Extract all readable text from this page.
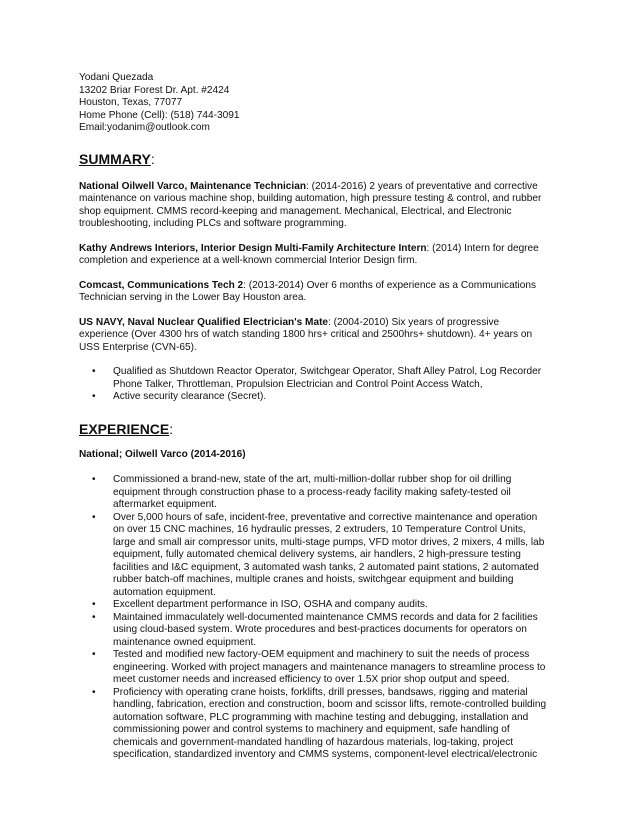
Yodani Quezada
13202 Briar Forest Dr. Apt. #2424
Houston, Texas, 77077
Home Phone (Cell): (518) 744-3091
Email:yodanim@outlook.com
SUMMARY :

National Oilwell Varco, Maintenance Technician: (2014-2016) 2 years of preventative and corrective maintenance on various machine shop, building automation, high pressure testing & control, and rubber shop equipment. CMMS record-keeping and management. Mechanical, Electrical, and Electronic troubleshooting, including PLCs and software programming.

Kathy Andrews Interiors, Interior Design Multi-Family Architecture Intern: (2014) Intern for degree completion and experience at a well-known commercial Interior Design firm.

Comcast, Communications Tech 2: (2013-2014) Over 6 months of experience as a Communications Technician serving in the Lower Bay Houston area.

US NAVY, Naval Nuclear Qualified Electrician's Mate: (2004-2010) Six years of progressive experience (Over 4300 hrs of watch standing 1800 hrs+ critical and 2500hrs+ shutdown). 4+ years on USS Enterprise (CVN-65).

• Qualified as Shutdown Reactor Operator, Switchgear Operator, Shaft Alley Patrol, Log Recorder Phone Talker, Throttleman, Propulsion Electrician and Control Point Access Watch,
• Active security clearance (Secret).
EXPERIENCE :
National; Oilwell Varco (2014-2016)
• Commissioned a brand-new, state of the art, multi-million-dollar rubber shop for oil drilling equipment through construction phase to a process-ready facility making safety-tested oil aftermarket equipment.
• Over 5,000 hours of safe, incident-free, preventative and corrective maintenance and operation on over 15 CNC machines, 16 hydraulic presses, 2 extruders, 10 Temperature Control Units, large and small air compressor units, multi-stage pumps, VFD motor drives, 2 mixers, 4 mills, lab equipment, fully automated chemical delivery systems, air handlers, 2 high-pressure testing facilities and I&C equipment, 3 automated wash tanks, 2 automated paint stations, 2 automated rubber batch-off machines, multiple cranes and hoists, switchgear equipment and building automation equipment.
• Excellent department performance in ISO, OSHA and company audits.
• Maintained immaculately well-documented maintenance CMMS records and data for 2 facilities using cloud-based system. Wrote procedures and best-practices documents for operators on maintenance owned equipment.
• Tested and modified new factory-OEM equipment and machinery to suit the needs of process engineering. Worked with project managers and maintenance managers to streamline process to meet customer needs and increased efficiency to over 1.5X prior shop output and speed.
• Proficiency with operating crane hoists, forklifts, drill presses, bandsaws, rigging and material handling, fabrication, erection and construction, boom and scissor lifts, remote-controlled building automation software, PLC programming with machine testing and debugging, installation and commissioning power and control systems to machinery and equipment, safe handling of chemicals and government-mandated handling of hazardous materials, log-taking, project specification, standardized inventory and CMMS systems, component-level electrical/electronic
